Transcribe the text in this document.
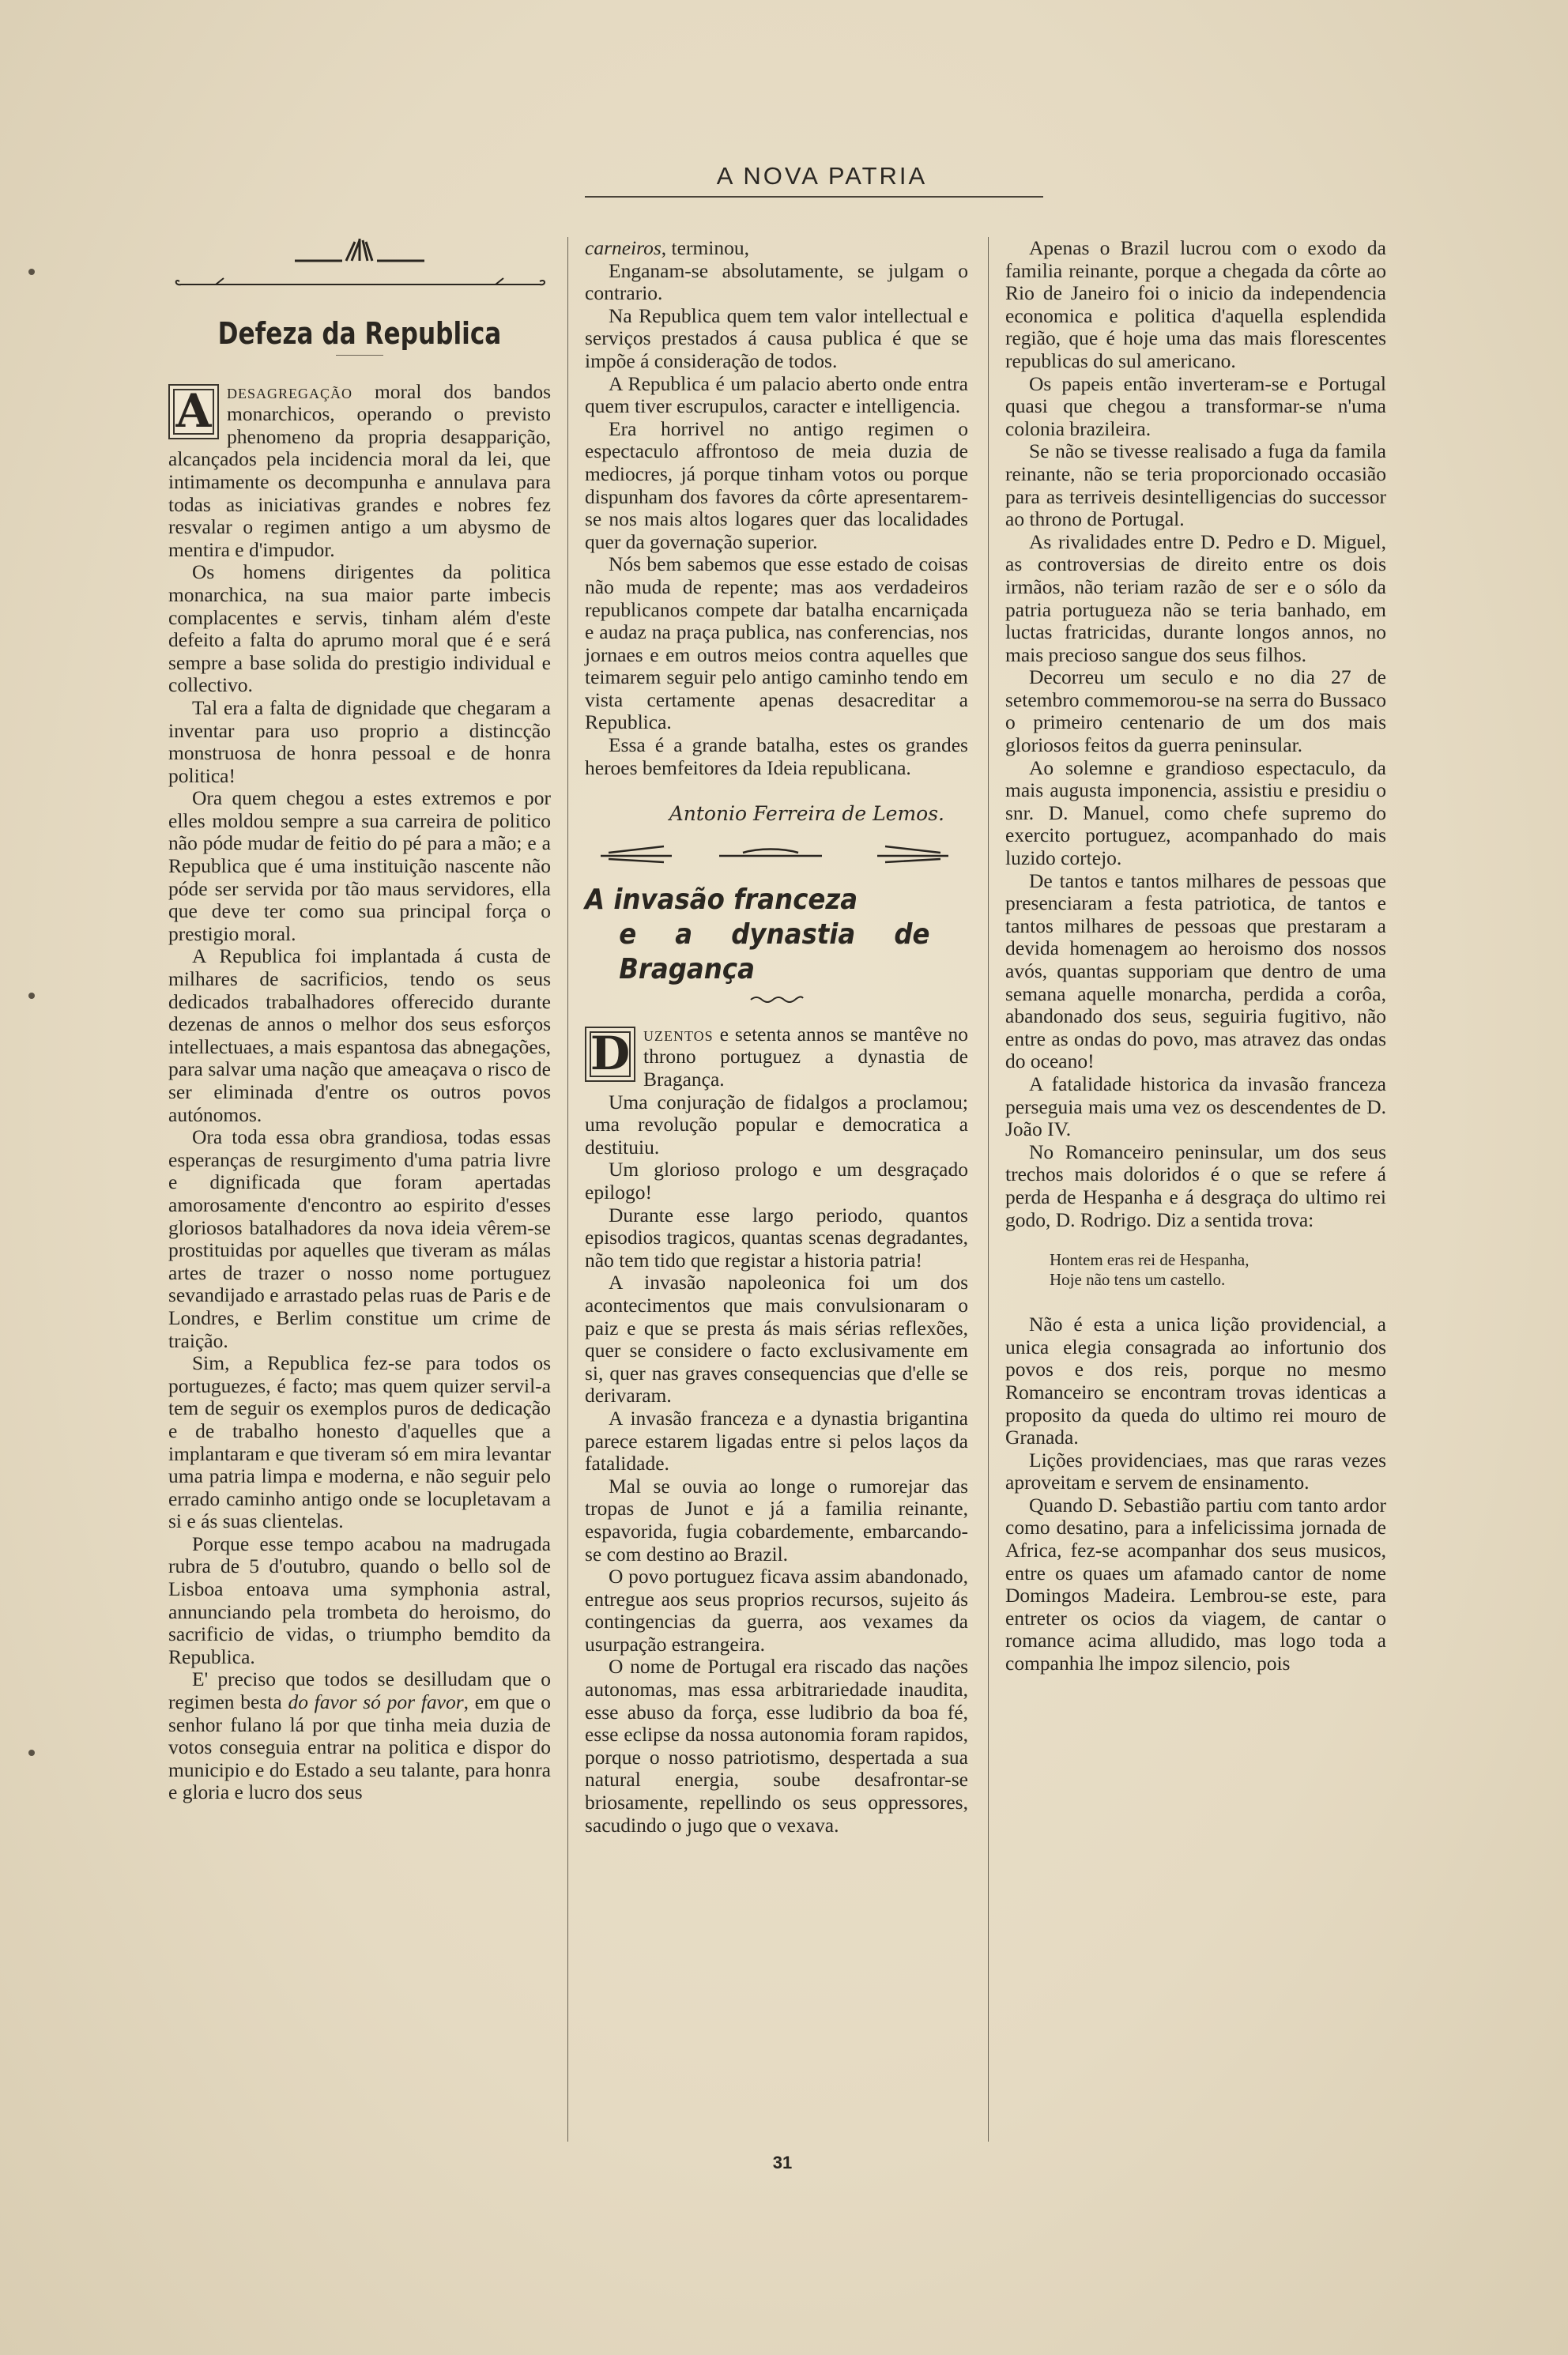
A NOVA PATRIA
Defeza da Republica

A desagregação moral dos bandos monarchicos, operando o previsto phenomeno da propria desapparição, alcançados pela incidencia moral da lei, que intimamente os decompunha e annulava para todas as iniciativas grandes e nobres fez resvalar o regimen antigo a um abysmo de mentira e d'impudor.

Os homens dirigentes da politica monarchica, na sua maior parte imbecis complacentes e servis, tinham além d'este defeito a falta do aprumo moral que é e será sempre a base solida do prestigio individual e collectivo.

Tal era a falta de dignidade que chegaram a inventar para uso proprio a distincção monstruosa de honra pessoal e de honra politica!

Ora quem chegou a estes extremos e por elles moldou sempre a sua carreira de politico não póde mudar de feitio do pé para a mão; e a Republica que é uma instituição nascente não póde ser servida por tão maus servidores, ella que deve ter como sua principal força o prestigio moral.

A Republica foi implantada á custa de milhares de sacrificios, tendo os seus dedicados trabalhadores offerecido durante dezenas de annos o melhor dos seus esforços intellectuaes, a mais espantosa das abnegações, para salvar uma nação que ameaçava o risco de ser eliminada d'entre os outros povos autónomos.

Ora toda essa obra grandiosa, todas essas esperanças de resurgimento d'uma patria livre e dignificada que foram apertadas amorosamente d'encontro ao espirito d'esses gloriosos batalhadores da nova ideia vêrem-se prostituidas por aquelles que tiveram as málas artes de trazer o nosso nome portuguez sevandijado e arrastado pelas ruas de Paris e de Londres, e Berlim constitue um crime de traição.

Sim, a Republica fez-se para todos os portuguezes, é facto; mas quem quizer servil-a tem de seguir os exemplos puros de dedicação e de trabalho honesto d'aquelles que a implantaram e que tiveram só em mira levantar uma patria limpa e moderna, e não seguir pelo errado caminho antigo onde se locupletavam a si e ás suas clientelas.

Porque esse tempo acabou na madrugada rubra de 5 d'outubro, quando o bello sol de Lisboa entoava uma symphonia astral, annunciando pela trombeta do heroismo, do sacrificio de vidas, o triumpho bemdito da Republica.

E' preciso que todos se desilludam que o regimen besta do favor só por favor, em que o senhor fulano lá por que tinha meia duzia de votos conseguia entrar na politica e dispor do municipio e do Estado a seu talante, para honra e gloria e lucro dos seus

carneiros, terminou,

Enganam-se absolutamente, se julgam o contrario.

Na Republica quem tem valor intellectual e serviços prestados á causa publica é que se impõe á consideração de todos.

A Republica é um palacio aberto onde entra quem tiver escrupulos, caracter e intelligencia.

Era horrivel no antigo regimen o espectaculo affrontoso de meia duzia de mediocres, já porque tinham votos ou porque dispunham dos favores da côrte apresentarem-se nos mais altos logares quer das localidades quer da governação superior.

Nós bem sabemos que esse estado de coisas não muda de repente; mas aos verdadeiros republicanos compete dar batalha encarniçada e audaz na praça publica, nas conferencias, nos jornaes e em outros meios contra aquelles que teimarem seguir pelo antigo caminho tendo em vista certamente apenas desacreditar a Republica.

Essa é a grande batalha, estes os grandes heroes bemfeitores da Ideia republicana.

Antonio Ferreira de Lemos.
A invasão franceza
e a dynastia de Bragança

D uzentos e setenta annos se mantêve no throno portuguez a dynastia de Bragança.

Uma conjuração de fidalgos a proclamou; uma revolução popular e democratica a destituiu.

Um glorioso prologo e um desgraçado epilogo!

Durante esse largo periodo, quantos episodios tragicos, quantas scenas degradantes, não tem tido que registar a historia patria!

A invasão napoleonica foi um dos acontecimentos que mais convulsionaram o paiz e que se presta ás mais sérias reflexões, quer se considere o facto exclusivamente em si, quer nas graves consequencias que d'elle se derivaram.

A invasão franceza e a dynastia brigantina parece estarem ligadas entre si pelos laços da fatalidade.

Mal se ouvia ao longe o rumorejar das tropas de Junot e já a familia reinante, espavorida, fugia cobardemente, embarcando-se com destino ao Brazil.

O povo portuguez ficava assim abandonado, entregue aos seus proprios recursos, sujeito ás contingencias da guerra, aos vexames da usurpação estrangeira.

O nome de Portugal era riscado das nações autonomas, mas essa arbitrariedade inaudita, esse abuso da força, esse ludibrio da boa fé, esse eclipse da nossa autonomia foram rapidos, porque o nosso patriotismo, despertada a sua natural energia, soube desafrontar-se briosamente, repellindo os seus oppressores, sacudindo o jugo que o vexava.

Apenas o Brazil lucrou com o exodo da familia reinante, porque a chegada da côrte ao Rio de Janeiro foi o inicio da independencia economica e politica d'aquella esplendida região, que é hoje uma das mais florescentes republicas do sul americano.

Os papeis então inverteram-se e Portugal quasi que chegou a transformar-se n'uma colonia brazileira.

Se não se tivesse realisado a fuga da famila reinante, não se teria proporcionado occasião para as terriveis desintelligencias do successor ao throno de Portugal.

As rivalidades entre D. Pedro e D. Miguel, as controversias de direito entre os dois irmãos, não teriam razão de ser e o sólo da patria portugueza não se teria banhado, em luctas fratricidas, durante longos annos, no mais precioso sangue dos seus filhos.

Decorreu um seculo e no dia 27 de setembro commemorou-se na serra do Bussaco o primeiro centenario de um dos mais gloriosos feitos da guerra peninsular.

Ao solemne e grandioso espectaculo, da mais augusta imponencia, assistiu e presidiu o snr. D. Manuel, como chefe supremo do exercito portuguez, acompanhado do mais luzido cortejo.

De tantos e tantos milhares de pessoas que presenciaram a festa patriotica, de tantos e tantos milhares de pessoas que prestaram a devida homenagem ao heroismo dos nossos avós, quantas supporiam que dentro de uma semana aquelle monarcha, perdida a corôa, abandonado dos seus, seguiria fugitivo, não entre as ondas do povo, mas atravez das ondas do oceano!

A fatalidade historica da invasão franceza perseguia mais uma vez os descendentes de D. João IV.

No Romanceiro peninsular, um dos seus trechos mais doloridos é o que se refere á perda de Hespanha e á desgraça do ultimo rei godo, D. Rodrigo. Diz a sentida trova:

Hontem eras rei de Hespanha,
Hoje não tens um castello.

Não é esta a unica lição providencial, a unica elegia consagrada ao infortunio dos povos e dos reis, porque no mesmo Romanceiro se encontram trovas identicas a proposito da queda do ultimo rei mouro de Granada.

Lições providenciaes, mas que raras vezes aproveitam e servem de ensinamento.

Quando D. Sebastião partiu com tanto ardor como desatino, para a infelicissima jornada de Africa, fez-se acompanhar dos seus musicos, entre os quaes um afamado cantor de nome Domingos Madeira. Lembrou-se este, para entreter os ocios da viagem, de cantar o romance acima alludido, mas logo toda a companhia lhe impoz silencio, pois

31
